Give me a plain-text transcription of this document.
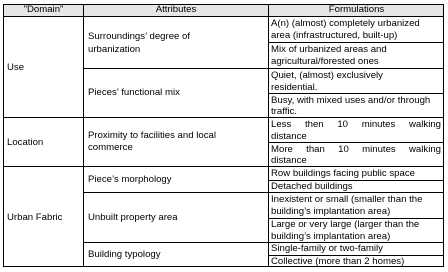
"Domain"	Attributes	Formulations
Use
Location
Urban Fabric
Surroundings’ degree of
urbanization
Pieces’ functional mix
Proximity to facilities and local
commerce
Piece’s morphology
Unbuilt property area
Building typology
A(n) (almost) completely urbanized
area (infrastructured, built-up)
Mix of urbanized areas and
agricultural/forested ones
Quiet, (almost) exclusively
residential.
Busy, with mixed uses and/or through
traffic.
Less then 10 minutes walking
distance
More than 10 minutes walking
distance
Row buildings facing public space
Detached buildings
Inexistent or small (smaller than the
building’s implantation area)
Large or very large (larger than the
building’s implantation area)
Single-family or two-family
Collective (more than 2 homes)
